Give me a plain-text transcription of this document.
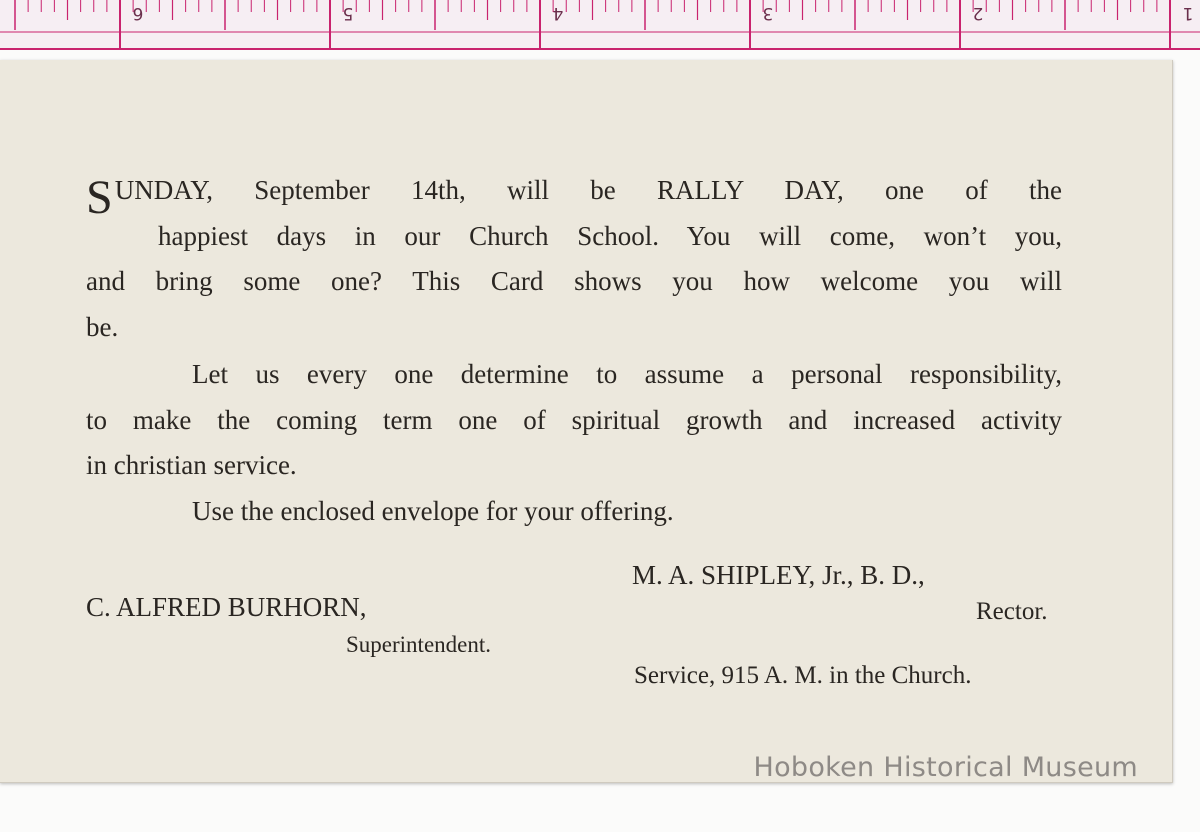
6	5	4	3	2	1
SUNDAY, September 14th, will be RALLY DAY, one of the
happiest days in our Church School. You will come, won’t you,
and bring some one? This Card shows you how welcome you will
be.
Let us every one determine to assume a personal responsibility,
to make the coming term one of spiritual growth and increased activity
in christian service.
Use the enclosed envelope for your offering.
M. A. SHIPLEY, Jr., B. D.,
Rector.
C. ALFRED BURHORN,
Superintendent.
Service, 915 A. M. in the Church.
Hoboken Historical Museum
